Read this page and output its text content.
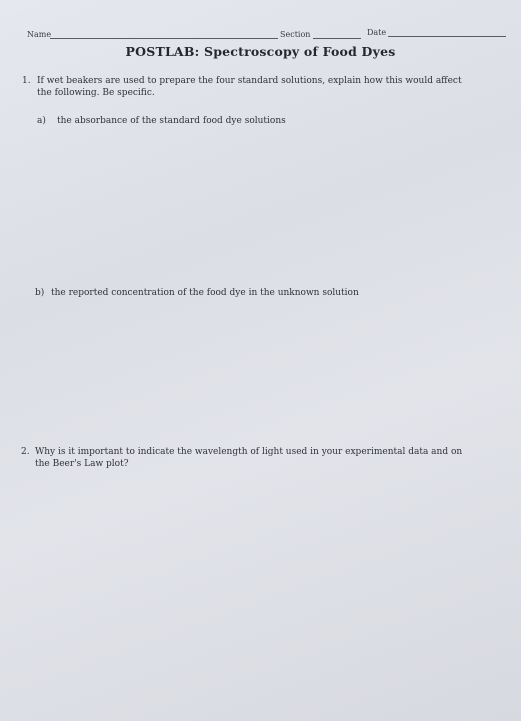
Name	Section	Date
POSTLAB: Spectroscopy of Food Dyes
1. If wet beakers are used to prepare the four standard solutions, explain how this would affect
the following. Be specific.
a) the absorbance of the standard food dye solutions
b) the reported concentration of the food dye in the unknown solution
2. Why is it important to indicate the wavelength of light used in your experimental data and on
the Beer's Law plot?
